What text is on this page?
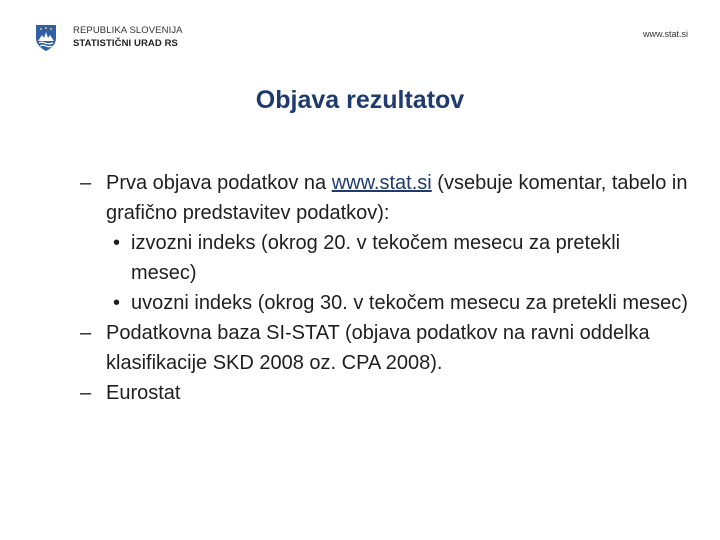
REPUBLIKA SLOVENIJA
STATISTIČNI URAD RS
www.stat.si
Objava rezultatov
– Prva objava podatkov na www.stat.si (vsebuje komentar, tabelo in grafično predstavitev podatkov):
• izvozni indeks (okrog 20. v tekočem mesecu za pretekli mesec)
• uvozni indeks (okrog 30. v tekočem mesecu za pretekli mesec)
– Podatkovna baza SI-STAT (objava podatkov na ravni oddelka klasifikacije SKD 2008 oz. CPA 2008).
– Eurostat
